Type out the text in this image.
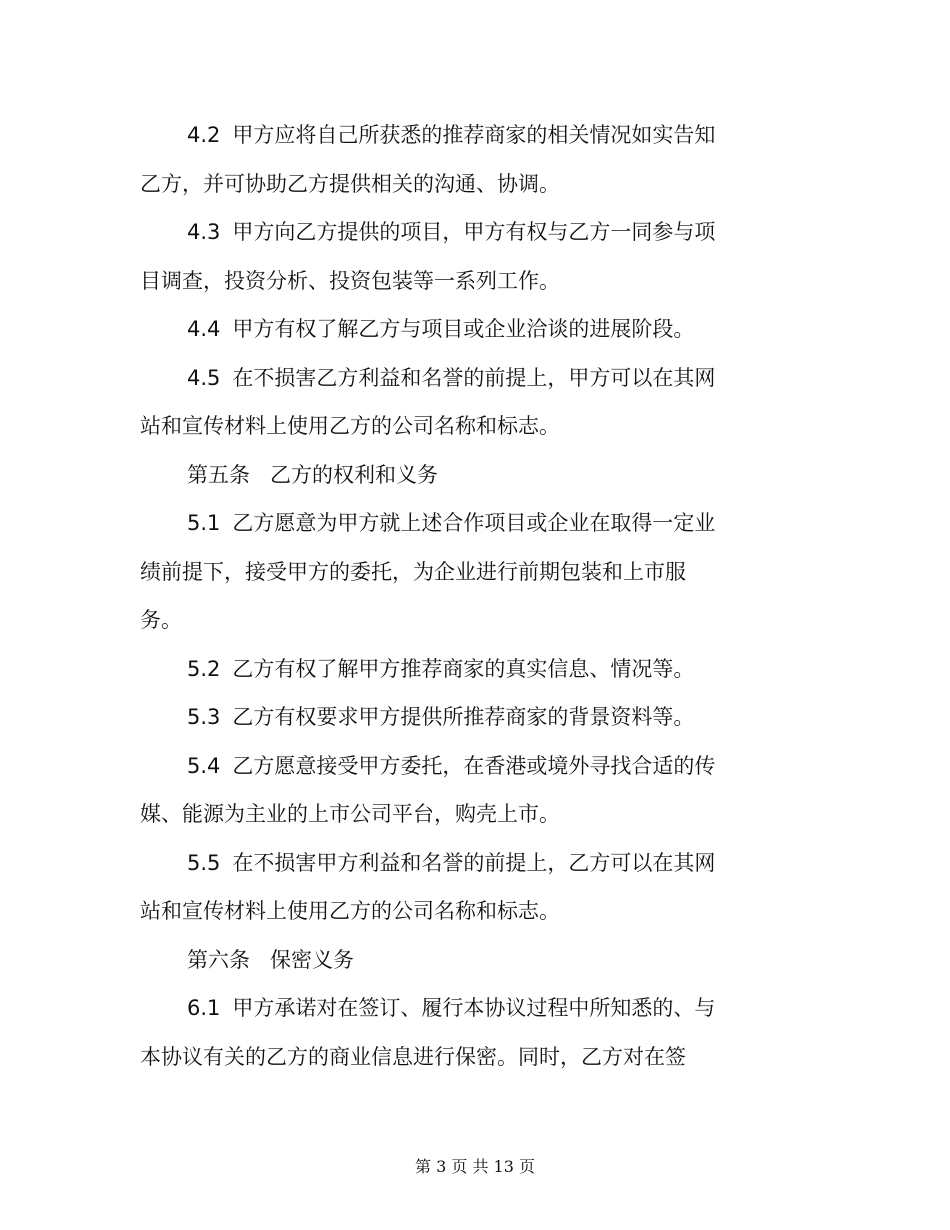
4.2 甲方应将自己所获悉的推荐商家的相关情况如实告知
乙方，并可协助乙方提供相关的沟通、协调。

4.3 甲方向乙方提供的项目，甲方有权与乙方一同参与项
目调查，投资分析、投资包装等一系列工作。

4.4 甲方有权了解乙方与项目或企业洽谈的进展阶段。

4.5 在不损害乙方利益和名誉的前提上，甲方可以在其网
站和宣传材料上使用乙方的公司名称和标志。

第五条 乙方的权利和义务

5.1 乙方愿意为甲方就上述合作项目或企业在取得一定业
绩前提下，接受甲方的委托，为企业进行前期包装和上市服
务。

5.2 乙方有权了解甲方推荐商家的真实信息、情况等。

5.3 乙方有权要求甲方提供所推荐商家的背景资料等。

5.4 乙方愿意接受甲方委托，在香港或境外寻找合适的传
媒、能源为主业的上市公司平台，购壳上市。

5.5 在不损害甲方利益和名誉的前提上，乙方可以在其网
站和宣传材料上使用乙方的公司名称和标志。

第六条 保密义务

6.1 甲方承诺对在签订、履行本协议过程中所知悉的、与
本协议有关的乙方的商业信息进行保密。同时，乙方对在签

第 3 页 共 13 页
